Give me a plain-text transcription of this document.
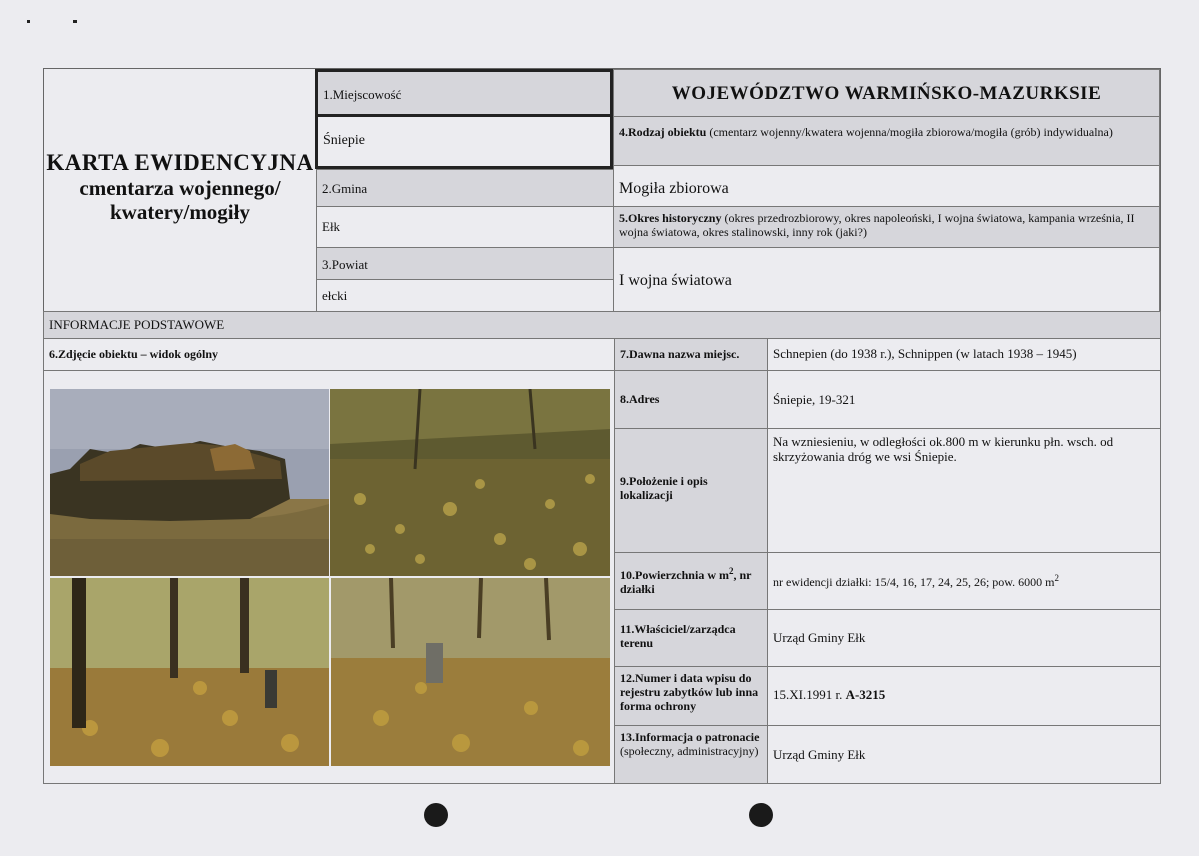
KARTA EWIDENCYJNA
cmentarza wojennego/
kwatery/mogiły
1.Miejscowość
Śniepie
2.Gmina
Ełk
3.Powiat
ełcki
WOJEWÓDZTWO WARMIŃSKO-MAZURKSIE
4.Rodzaj obiektu (cmentarz wojenny/kwatera wojenna/mogiła zbiorowa/mogiła (grób) indywidualna)
Mogiła zbiorowa
5.Okres historyczny (okres przedrozbiorowy, okres napoleoński, I wojna światowa, kampania września, II wojna światowa, okres stalinowski, inny rok (jaki?)
I wojna światowa
INFORMACJE PODSTAWOWE
6.Zdjęcie obiektu – widok ogólny	7.Dawna nazwa miejsc.	Schnepien (do 1938 r.), Schnippen (w latach 1938 – 1945)
8.Adres	Śniepie, 19-321
9.Położenie i opis lokalizacji
Na wzniesieniu, w odległości ok.800 m w kierunku płn. wsch. od skrzyżowania dróg we wsi Śniepie.
10.Powierzchnia w $m^2$, nr działki	nr ewidencji działki: 15/4, 16, 17, 24, 25, 26; pow. 6000 $m^2$
11.Właściciel/zarządca terenu	Urząd Gminy Ełk
12.Numer i data wpisu do rejestru zabytków lub inna forma ochrony
15.XI.1991 r. A-3215
13.Informacja o patronacie (społeczny, administracyjny)	Urząd Gminy Ełk
